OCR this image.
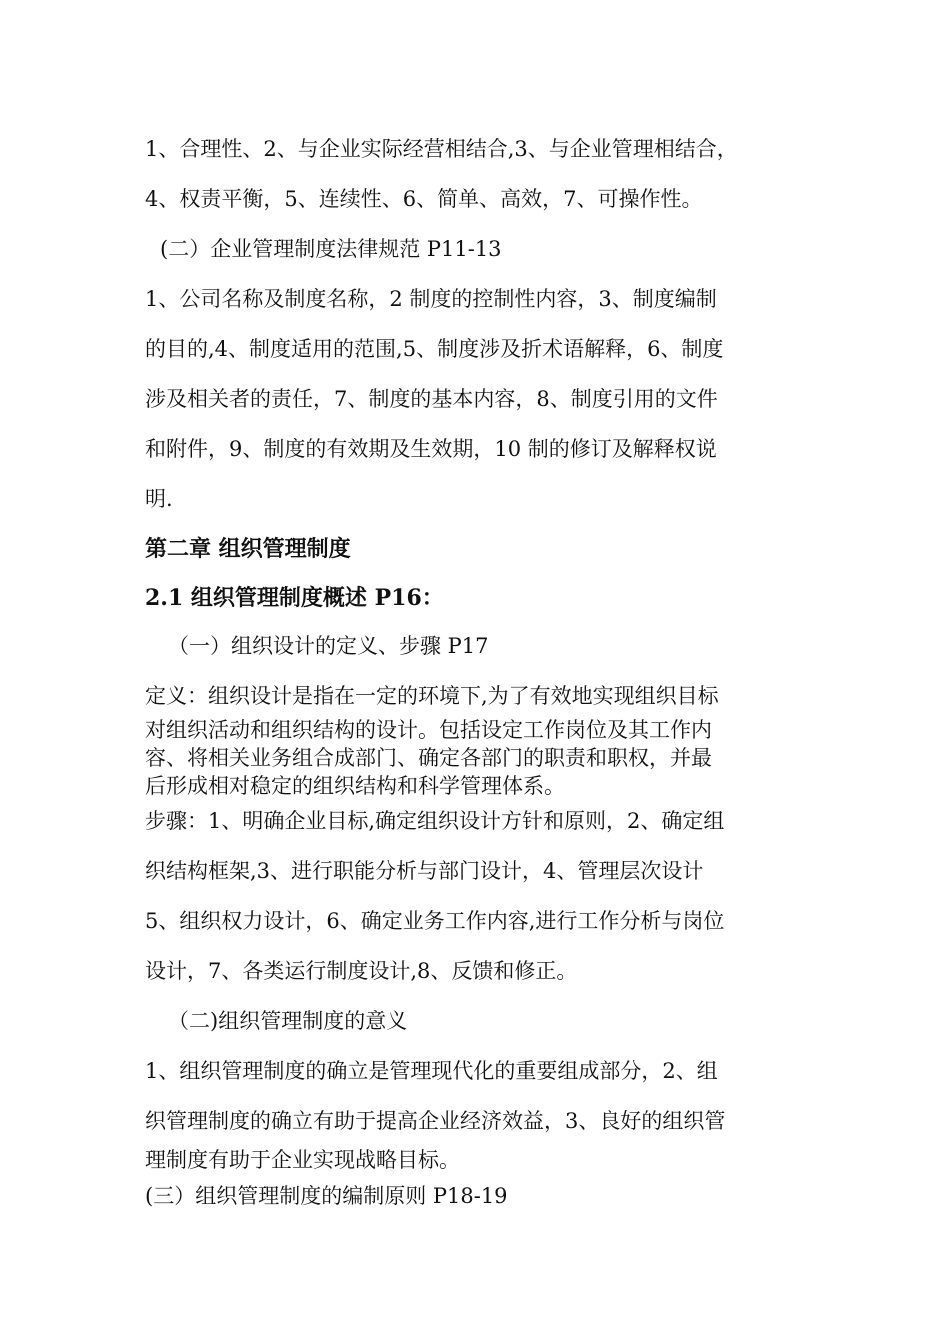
1、合理性、2、与企业实际经营相结合,3、与企业管理相结合，
4、权责平衡，5、连续性、6、简单、高效，7、可操作性。
(二）企业管理制度法律规范 P11-13
1、公司名称及制度名称，2 制度的控制性内容，3、制度编制
的目的,4、制度适用的范围,5、制度涉及折术语解释，6、制度
涉及相关者的责任，7、制度的基本内容，8、制度引用的文件
和附件，9、制度的有效期及生效期，10 制的修订及解释权说
明.
第二章 组织管理制度
2.1 组织管理制度概述 P16：
（一）组织设计的定义、步骤 P17
定义：组织设计是指在一定的环境下,为了有效地实现组织目标
对组织活动和组织结构的设计。包括设定工作岗位及其工作内
容、将相关业务组合成部门、确定各部门的职责和职权，并最
后形成相对稳定的组织结构和科学管理体系。
步骤：1、明确企业目标,确定组织设计方针和原则，2、确定组
织结构框架,3、进行职能分析与部门设计，4、管理层次设计
5、组织权力设计，6、确定业务工作内容,进行工作分析与岗位
设计，7、各类运行制度设计,8、反馈和修正。
（二)组织管理制度的意义
1、组织管理制度的确立是管理现代化的重要组成部分，2、组
织管理制度的确立有助于提高企业经济效益，3、良好的组织管
理制度有助于企业实现战略目标。
(三）组织管理制度的编制原则 P18-19
